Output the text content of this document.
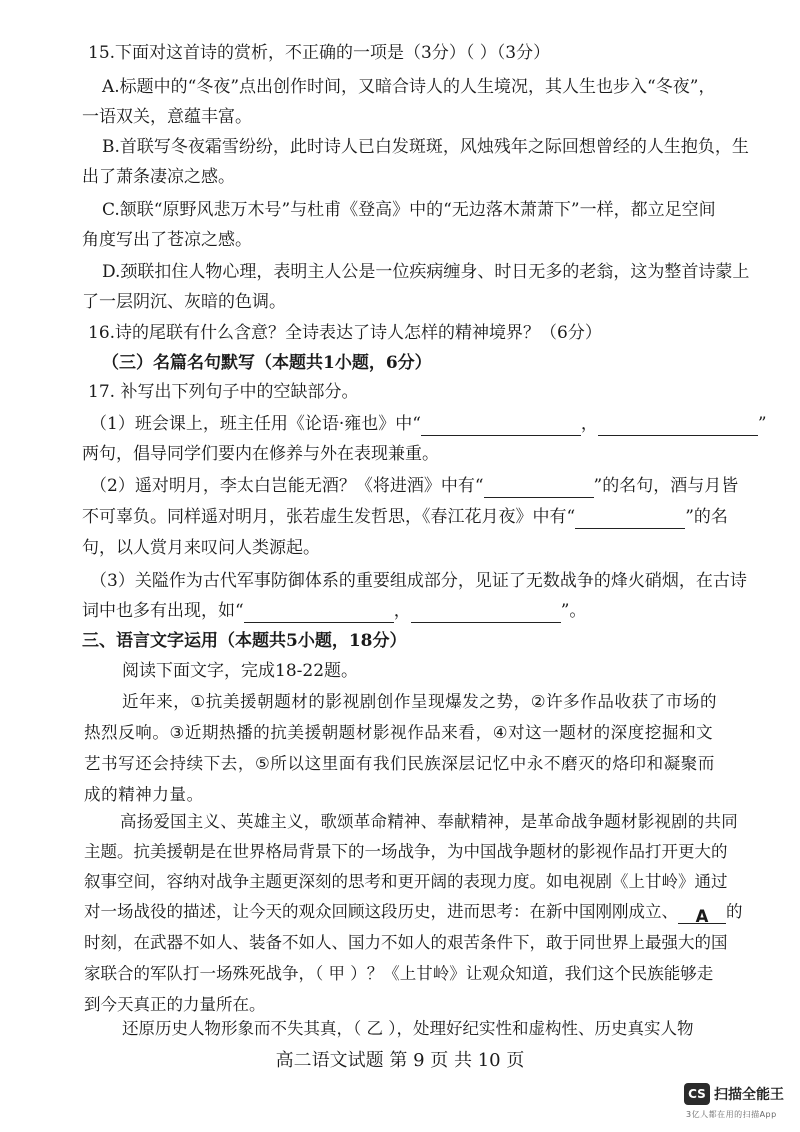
15.下面对这首诗的赏析，不正确的一项是（3分）（ ）（3分）
A.标题中的“冬夜”点出创作时间，又暗合诗人的人生境况，其人生也步入“冬夜”，
一语双关，意蕴丰富。
B.首联写冬夜霜雪纷纷，此时诗人已白发斑斑，风烛残年之际回想曾经的人生抱负，生
出了萧条凄凉之感。
C.颔联“原野风悲万木号”与杜甫《登高》中的“无边落木萧萧下”一样，都立足空间
角度写出了苍凉之感。
D.颈联扣住人物心理，表明主人公是一位疾病缠身、时日无多的老翁，这为整首诗蒙上
了一层阴沉、灰暗的色调。
16.诗的尾联有什么含意？全诗表达了诗人怎样的精神境界？（6分）
（三）名篇名句默写（本题共1小题，6分）
17. 补写出下列句子中的空缺部分。
（1）班会课上，班主任用《论语·雍也》中“	，	”
两句，倡导同学们要内在修养与外在表现兼重。
（2）遥对明月，李太白岂能无酒？《将进酒》中有“	”的名句，酒与月皆
不可辜负。同样遥对明月，张若虚生发哲思，《春江花月夜》中有“	”的名
句，以人赏月来叹问人类源起。
（3）关隘作为古代军事防御体系的重要组成部分，见证了无数战争的烽火硝烟，在古诗
词中也多有出现，如“	，	”。
三、语言文字运用（本题共5小题，18分）
阅读下面文字，完成18-22题。
近年来，①抗美援朝题材的影视剧创作呈现爆发之势，②许多作品收获了市场的
热烈反响。③近期热播的抗美援朝题材影视作品来看，④对这一题材的深度挖掘和文
艺书写还会持续下去，⑤所以这里面有我们民族深层记忆中永不磨灭的烙印和凝聚而
成的精神力量。
高扬爱国主义、英雄主义，歌颂革命精神、奉献精神，是革命战争题材影视剧的共同
主题。抗美援朝是在世界格局背景下的一场战争，为中国战争题材的影视作品打开更大的
叙事空间，容纳对战争主题更深刻的思考和更开阔的表现力度。如电视剧《上甘岭》通过
对一场战役的描述，让今天的观众回顾这段历史，进而思考：在新中国刚刚成立、 A 的
时刻，在武器不如人、装备不如人、国力不如人的艰苦条件下，敢于同世界上最强大的国
家联合的军队打一场殊死战争，（ 甲 ）？《上甘岭》让观众知道，我们这个民族能够走
到今天真正的力量所在。
还原历史人物形象而不失其真，（ 乙 ），处理好纪实性和虚构性、历史真实人物
高二语文试题 第 9 页 共 10 页
CS 扫描全能王
3亿人都在用的扫描App
